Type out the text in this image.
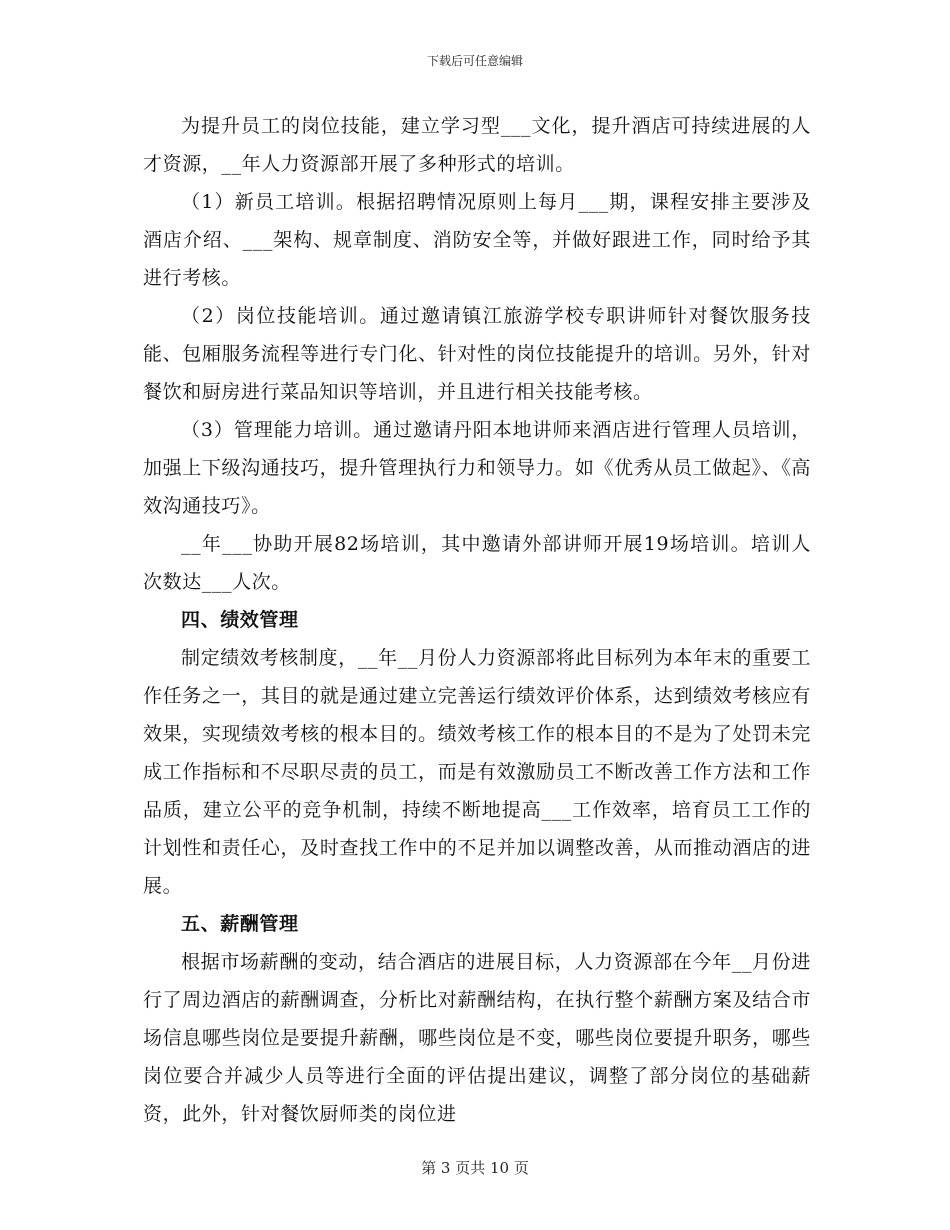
下载后可任意编辑

为提升员工的岗位技能，建立学习型___文化，提升酒店可持续进展的人才资源，__年人力资源部开展了多种形式的培训。

（1）新员工培训。根据招聘情况原则上每月___期，课程安排主要涉及酒店介绍、___架构、规章制度、消防安全等，并做好跟进工作，同时给予其进行考核。

（2）岗位技能培训。通过邀请镇江旅游学校专职讲师针对餐饮服务技能、包厢服务流程等进行专门化、针对性的岗位技能提升的培训。另外，针对餐饮和厨房进行菜品知识等培训，并且进行相关技能考核。

（3）管理能力培训。通过邀请丹阳本地讲师来酒店进行管理人员培训，加强上下级沟通技巧，提升管理执行力和领导力。如《优秀从员工做起》、《高效沟通技巧》。

__年___协助开展82场培训，其中邀请外部讲师开展19场培训。培训人次数达___人次。

四、绩效管理

制定绩效考核制度，__年__月份人力资源部将此目标列为本年末的重要工作任务之一，其目的就是通过建立完善运行绩效评价体系，达到绩效考核应有效果，实现绩效考核的根本目的。绩效考核工作的根本目的不是为了处罚未完成工作指标和不尽职尽责的员工，而是有效激励员工不断改善工作方法和工作品质，建立公平的竞争机制，持续不断地提高___工作效率，培育员工工作的计划性和责任心，及时查找工作中的不足并加以调整改善，从而推动酒店的进展。

五、薪酬管理

根据市场薪酬的变动，结合酒店的进展目标，人力资源部在今年__月份进行了周边酒店的薪酬调查，分析比对薪酬结构，在执行整个薪酬方案及结合市场信息哪些岗位是要提升薪酬，哪些岗位是不变，哪些岗位要提升职务，哪些岗位要合并减少人员等进行全面的评估提出建议，调整了部分岗位的基础薪资，此外，针对餐饮厨师类的岗位进

第 3 页共 10 页
